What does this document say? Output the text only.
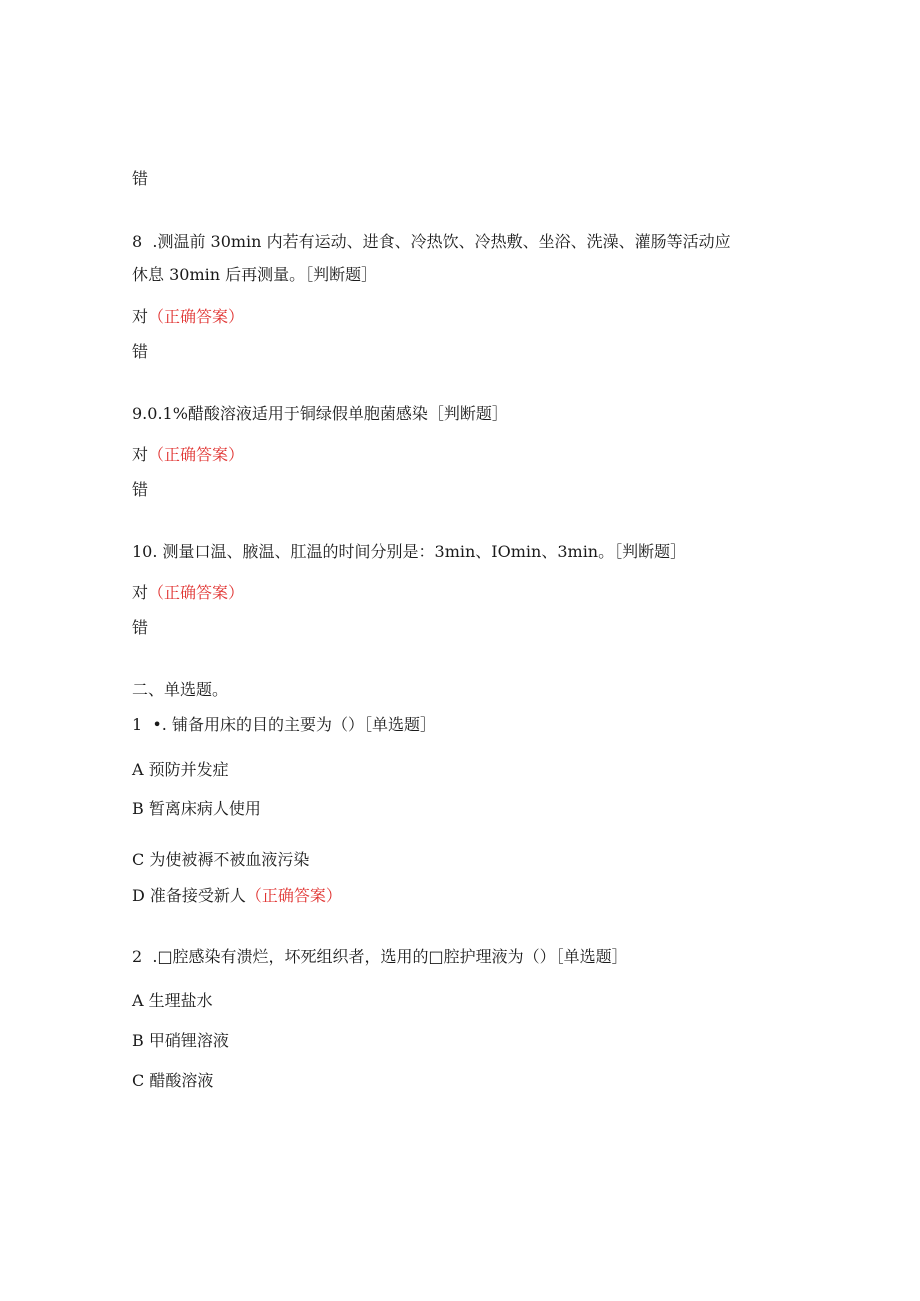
错
8  .测温前 30min 内若有运动、进食、冷热饮、冷热敷、坐浴、洗澡、灌肠等活动应
休息 30min 后再测量。［判断题］
对（正确答案）
错
9.0.1%醋酸溶液适用于铜绿假单胞菌感染［判断题］
对（正确答案）
错
10. 测量口温、腋温、肛温的时间分别是：3min、IOmin、3min。［判断题］
对（正确答案）
错
二、单选题。
1  •. 铺备用床的目的主要为（）［单选题］
A 预防并发症
B 暂离床病人使用
C 为使被褥不被血液污染
D 准备接受新人（正确答案）
2  .□腔感染有溃烂，坏死组织者，选用的□腔护理液为（）［单选题］
A 生理盐水
B 甲硝锂溶液
C 醋酸溶液
